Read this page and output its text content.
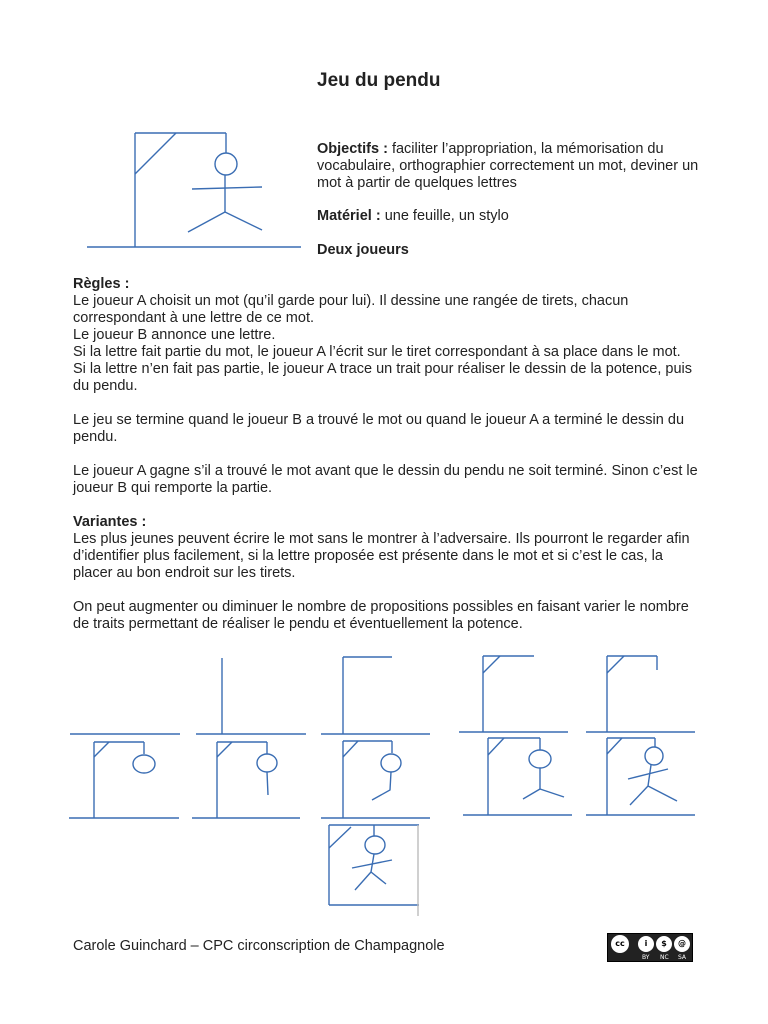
Jeu du pendu
Objectifs : faciliter l’appropriation, la mémorisation du vocabulaire, orthographier correctement un mot, deviner un mot à partir de quelques lettres
Matériel : une feuille, un stylo
Deux joueurs

Règles :

Le joueur A choisit un mot (qu’il garde pour lui). Il dessine une rangée de tirets, chacun correspondant à une lettre de ce mot.

Le joueur B annonce une lettre.

Si la lettre fait partie du mot, le joueur A l’écrit sur le tiret correspondant à sa place dans le mot.

Si la lettre n’en fait pas partie, le joueur A trace un trait pour réaliser le dessin de la potence, puis du pendu.

Le jeu se termine quand le joueur B a trouvé le mot ou quand le joueur A a terminé le dessin du pendu.

Le joueur A gagne s’il a trouvé le mot avant que le dessin du pendu ne soit terminé. Sinon c’est le joueur B qui remporte la partie.

Variantes :

Les plus jeunes peuvent écrire le mot sans le montrer à l’adversaire. Ils pourront le regarder afin d’identifier plus facilement, si la lettre proposée est présente dans le mot et si c’est le cas, la placer au bon endroit sur les tirets.

On peut augmenter ou diminuer le nombre de propositions possibles en faisant varier le nombre de traits permettant de réaliser le pendu et éventuellement la potence.

Carole Guinchard – CPC circonscription de Champagnole	cc	i	$	@
BY NC SA
